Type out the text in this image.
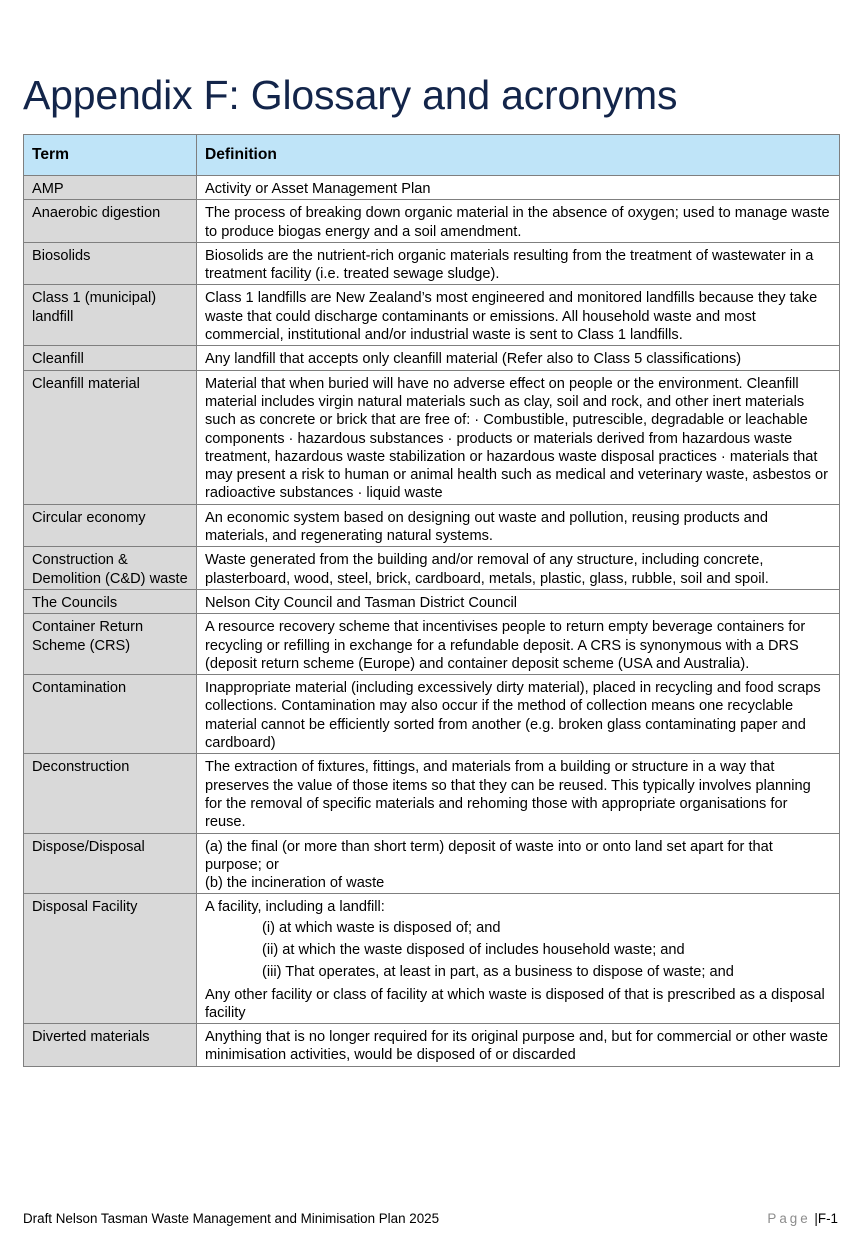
Appendix F: Glossary and acronyms
Term	Definition
AMP	Activity or Asset Management Plan
Anaerobic digestion	The process of breaking down organic material in the absence of oxygen; used to manage waste to produce biogas energy and a soil amendment.
Biosolids	Biosolids are the nutrient-rich organic materials resulting from the treatment of wastewater in a treatment facility (i.e. treated sewage sludge).
Class 1 (municipal) landfill	Class 1 landfills are New Zealand’s most engineered and monitored landfills because they take waste that could discharge contaminants or emissions. All household waste and most commercial, institutional and/or industrial waste is sent to Class 1 landfills.
Cleanfill	Any landfill that accepts only cleanfill material (Refer also to Class 5 classifications)
Cleanfill material	Material that when buried will have no adverse effect on people or the environment. Cleanfill material includes virgin natural materials such as clay, soil and rock, and other inert materials such as concrete or brick that are free of: · Combustible, putrescible, degradable or leachable components · hazardous substances · products or materials derived from hazardous waste treatment, hazardous waste stabilization or hazardous waste disposal practices · materials that may present a risk to human or animal health such as medical and veterinary waste, asbestos or radioactive substances · liquid waste
Circular economy	An economic system based on designing out waste and pollution, reusing products and materials, and regenerating natural systems.
Construction & Demolition (C&D) waste	Waste generated from the building and/or removal of any structure, including concrete, plasterboard, wood, steel, brick, cardboard, metals, plastic, glass, rubble, soil and spoil.
The Councils	Nelson City Council and Tasman District Council
Container Return Scheme (CRS)	A resource recovery scheme that incentivises people to return empty beverage containers for recycling or refilling in exchange for a refundable deposit. A CRS is synonymous with a DRS (deposit return scheme (Europe) and container deposit scheme (USA and Australia).
Contamination	Inappropriate material (including excessively dirty material), placed in recycling and food scraps collections. Contamination may also occur if the method of collection means one recyclable material cannot be efficiently sorted from another (e.g. broken glass contaminating paper and cardboard)
Deconstruction	The extraction of fixtures, fittings, and materials from a building or structure in a way that preserves the value of those items so that they can be reused. This typically involves planning for the removal of specific materials and rehoming those with appropriate organisations for reuse.
Dispose/Disposal	(a) the final (or more than short term) deposit of waste into or onto land set apart for that purpose; or
(b) the incineration of waste

Disposal Facility	A facility, including a landfill:
(i) at which waste is disposed of; and
(ii) at which the waste disposed of includes household waste; and
(iii) That operates, at least in part, as a business to dispose of waste; and
Any other facility or class of facility at which waste is disposed of that is prescribed as a disposal facility

Diverted materials	Anything that is no longer required for its original purpose and, but for commercial or other waste minimisation activities, would be disposed of or discarded
Draft Nelson Tasman Waste Management and Minimisation Plan 2025	Page |F-1
